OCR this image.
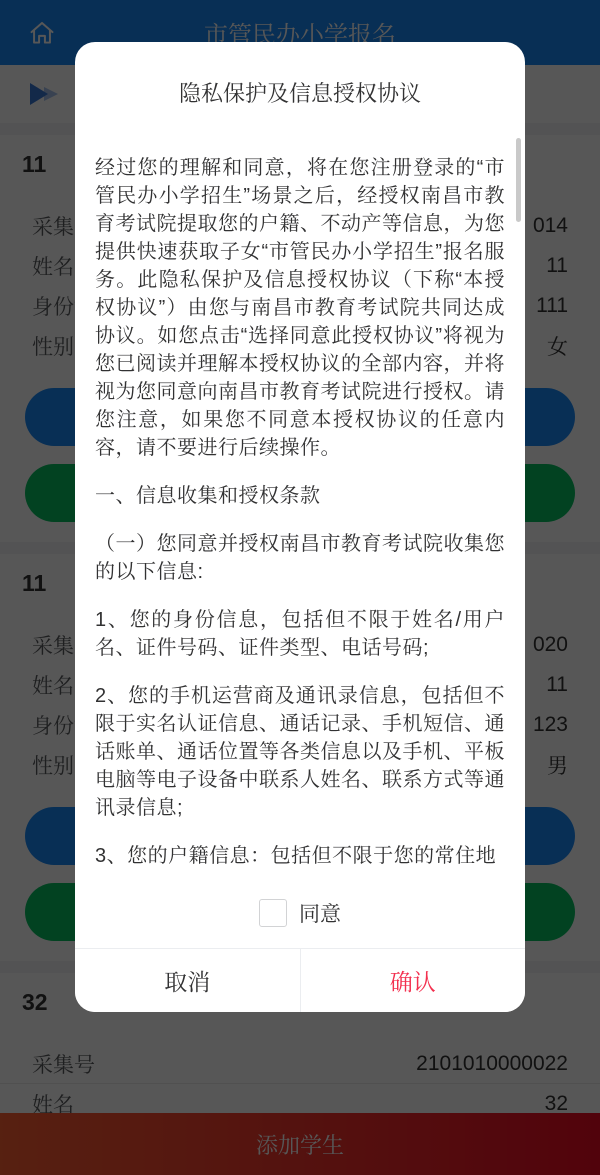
隐私保护及信息授权协议

经过您的理解和同意，将在您注册登录的“市管民办小学招生”场景之后，经授权南昌市教育考试院提取您的户籍、不动产等信息，为您提供快速获取子女“市管民办小学招生”报名服务。此隐私保护及信息授权协议（下称“本授权协议”）由您与南昌市教育考试院共同达成协议。如您点击“选择同意此授权协议”将视为您已阅读并理解本授权协议的全部内容，并将视为您同意向南昌市教育考试院进行授权。请您注意，如果您不同意本授权协议的任意内容，请不要进行后续操作。

一、信息收集和授权条款

（一）您同意并授权南昌市教育考试院收集您的以下信息:

1、您的身份信息，包括但不限于姓名/用户名、证件号码、证件类型、电话号码;

2、您的手机运营商及通讯录信息，包括但不限于实名认证信息、通话记录、手机短信、通话账单、通话位置等各类信息以及手机、平板电脑等电子设备中联系人姓名、联系方式等通讯录信息;

3、您的户籍信息：包括但不限于您的常住地

同意
取消	确认
